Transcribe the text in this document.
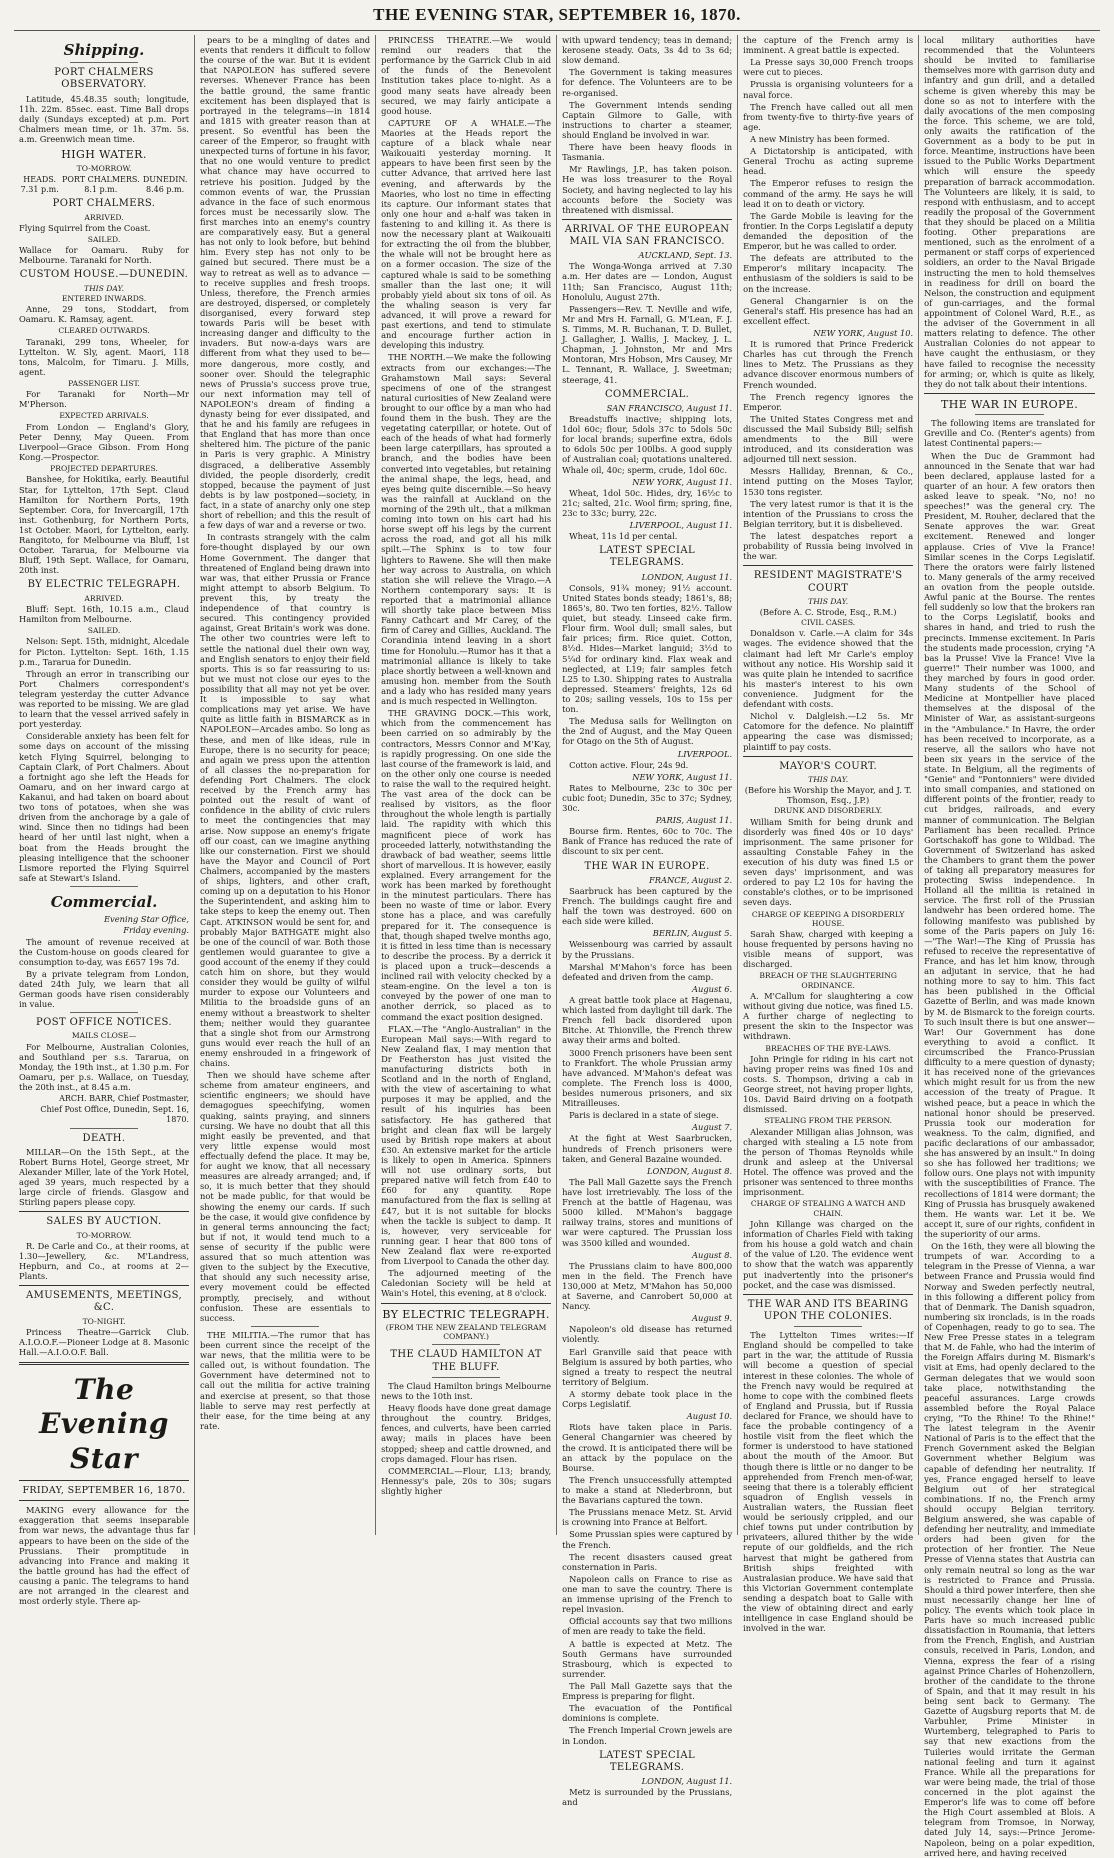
THE EVENING STAR, SEPTEMBER 16, 1870.
Shipping.
PORT CHALMERS OBSERVATORY.

Latitude, 45.48.35 south; longitude, 11h. 22m. 85sec. east. Time Ball drops daily (Sundays excepted) at p.m. Port Chalmers mean time, or 1h. 37m. 5s. a.m. Greenwich mean time.

HIGH WATER.
TO-MORROW.
HEADS.
7.31 p.m.
PORT CHALMERS.
8.1 p.m.
DUNEDIN.
8.46 p.m.
PORT CHALMERS.
ARRIVED.

Flying Squirrel from the Coast.

SAILED.

Wallace for Oamaru. Ruby for Melbourne. Taranaki for North.

CUSTOM HOUSE.—DUNEDIN.
THIS DAY.
ENTERED INWARDS.

Anne, 29 tons, Stoddart, from Oamaru. K. Ramsay, agent.

CLEARED OUTWARDS.

Taranaki, 299 tons, Wheeler, for Lyttelton. W. Sly, agent. Maori, 118 tons, Malcolm, for Timaru. J. Mills, agent.

PASSENGER LIST.

For Taranaki for North—Mr M'Pherson.

EXPECTED ARRIVALS.

From London — England's Glory, Peter Denny, May Queen. From Liverpool—Grace Gibson. From Hong Kong.—Prospector.

PROJECTED DEPARTURES.

Banshee, for Hokitika, early. Beautiful Star, for Lyttelton, 17th Sept. Claud Hamilton for Northern Ports, 19th September. Cora, for Invercargill, 17th inst. Gothenburg, for Northern Ports, 1st October. Maori, for Lyttelton, early. Rangitoto, for Melbourne via Bluff, 1st October. Tararua, for Melbourne via Bluff, 19th Sept. Wallace, for Oamaru, 20th inst.

BY ELECTRIC TELEGRAPH.
ARRIVED.

Bluff: Sept. 16th, 10.15 a.m., Claud Hamilton from Melbourne.

SAILED.

Nelson: Sept. 15th, midnight, Alcedale for Picton. Lyttelton: Sept. 16th, 1.15 p.m., Tararua for Dunedin.

Through an error in transcribing our Port Chalmers correspondent's telegram yesterday the cutter Advance was reported to be missing. We are glad to learn that the vessel arrived safely in port yesterday.

Considerable anxiety has been felt for some days on account of the missing ketch Flying Squirrel, belonging to Captain Clark, of Port Chalmers. About a fortnight ago she left the Heads for Oamaru, and on her inward cargo at Kakanui, and had taken on board about two tons of potatoes, when she was driven from the anchorage by a gale of wind. Since then no tidings had been heard of her until last night, when a boat from the Heads brought the pleasing intelligence that the schooner Lismore reported the Flying Squirrel safe at Stewart's Island.

Commercial.
Evening Star Office,
Friday evening.

The amount of revenue received at the Custom-house on goods cleared for consumption to-day, was £657 19s 7d.

By a private telegram from London, dated 24th July, we learn that all German goods have risen considerably in value.

POST OFFICE NOTICES.
MAILS CLOSE—

For Melbourne, Australian Colonies, and Southland per s.s. Tararua, on Monday, the 19th inst., at 1.30 p.m. For Oamaru, per p.s. Wallace, on Tuesday, the 20th inst., at 8.45 a.m.

ARCH. BARR, Chief Postmaster,
Chief Post Office, Dunedin, Sept. 16, 1870.
DEATH.

MILLAR—On the 15th Sept., at the Robert Burns Hotel, George street, Mr Alexander Miller, late of the York Hotel, aged 39 years, much respected by a large circle of friends. Glasgow and Stirling papers please copy.

SALES BY AUCTION.
TO-MORROW.

R. De Carle and Co., at their rooms, at 1.30—Jewellery, &c. M'Landress, Hepburn, and Co., at rooms at 2—Plants.

AMUSEMENTS, MEETINGS, &C.
TO-NIGHT.

Princess Theatre—Garrick Club. A.I.O.O.F.—Pioneer Lodge at 8. Masonic Hall.—A.I.O.O.F. Ball.

The Evening Star
FRIDAY, SEPTEMBER 16, 1870.

MAKING every allowance for the exaggeration that seems inseparable from war news, the advantage thus far appears to have been on the side of the Prussians. Their promptitude in advancing into France and making it the battle ground has had the effect of causing a panic. The telegrams to hand are not arranged in the clearest and most orderly style. There ap-

pears to be a mingling of dates and events that renders it difficult to follow the course of the war. But it is evident that NAPOLEON has suffered severe reverses. Whenever France has been the battle ground, the same frantic excitement has been displayed that is portrayed in the telegrams—in 1814 and 1815 with greater reason than at present. So eventful has been the career of the Emperor, so fraught with unexpected turns of fortune in his favor, that no one would venture to predict what chance may have occurred to retrieve his position. Judged by the common events of war, the Prussian advance in the face of such enormous forces must be necessarily slow. The first marches into an enemy's country are comparatively easy. But a general has not only to look before, but behind him. Every step has not only to be gained but secured. There must be a way to retreat as well as to advance — to receive supplies and fresh troops. Unless, therefore, the French armies are destroyed, dispersed, or completely disorganised, every forward step towards Paris will be beset with increasing danger and difficulty to the invaders. But now-a-days wars are different from what they used to be—more dangerous, more costly, and sooner over. Should the telegraphic news of Prussia's success prove true, our next information may tell of NAPOLEON's dream of finding a dynasty being for ever dissipated, and that he and his family are refugees in that England that has more than once sheltered him. The picture of the panic in Paris is very graphic. A Ministry disgraced, a deliberative Assembly divided, the people disorderly, credit stopped, because the payment of just debts is by law postponed—society, in fact, in a state of anarchy only one step short of rebellion; and this the result of a few days of war and a reverse or two.

In contrasts strangely with the calm fore-thought displayed by our own Home Government. The danger that threatened of England being drawn into war was, that either Prussia or France might attempt to absorb Belgium. To prevent this, by treaty the independence of that country is secured. This contingency provided against, Great Britain's work was done. The other two countries were left to settle the national duel their own way, and English senators to enjoy their field sports. This is so far reassuring to us: but we must not close our eyes to the possibility that all may not yet be over. It is impossible to say what complications may yet arise. We have quite as little faith in BISMARCK as in NAPOLEON—Arcades ambo. So long as these, and men of like ideas, rule in Europe, there is no security for peace; and again we press upon the attention of all classes the no-preparation for defending Port Chalmers. The clock received by the French army has pointed out the result of want of confidence in the ability of civic rulers to meet the contingencies that may arise. Now suppose an enemy's frigate off our coast, can we imagine anything like our consternation. First we should have the Mayor and Council of Port Chalmers, accompanied by the masters of ships, lighters, and other craft, coming up on a deputation to his Honor the Superintendent, and asking him to take steps to keep the enemy out. Then Capt. ATKINSON would be sent for, and probably Major BATHGATE might also be one of the council of war. Both those gentlemen would guarantee to give a good account of the enemy if they could catch him on shore, but they would consider they would be guilty of wilful murder to expose our Volunteers and Militia to the broadside guns of an enemy without a breastwork to shelter them; neither would they guarantee that a single shot from our Armstrong guns would ever reach the hull of an enemy enshrouded in a fringework of chains.

Then we should have scheme after scheme from amateur engineers, and scientific engineers; we should have demagogues speechifying, women quaking, saints praying, and sinners cursing. We have no doubt that all this might easily be prevented, and that very little expense would most effectually defend the place. It may be, for aught we know, that all necessary measures are already arranged; and, if so, it is much better that they should not be made public, for that would be showing the enemy our cards. If such be the case, it would give confidence by in general terms announcing the fact; but if not, it would tend much to a sense of security if the public were assured that so much attention was given to the subject by the Executive, that should any such necessity arise, every movement could be effected promptly, precisely, and without confusion. These are essentials to success.

THE MILITIA.—The rumor that has been current since the receipt of the war news, that the militia were to be called out, is without foundation. The Government have determined not to call out the militia for active training and exercise at present, so that those liable to serve may rest perfectly at their ease, for the time being at any rate.

PRINCESS THEATRE.—We would remind our readers that the performance by the Garrick Club in aid of the funds of the Benevolent Institution takes place to-night. As a good many seats have already been secured, we may fairly anticipate a good house.

CAPTURE OF A WHALE.—The Maories at the Heads report the capture of a black whale near Waikouaiti yesterday morning. It appears to have been first seen by the cutter Advance, that arrived here last evening, and afterwards by the Maories, who lost no time in effecting its capture. Our informant states that only one hour and a-half was taken in fastening to and killing it. As there is now the necessary plant at Waikouaiti for extracting the oil from the blubber, the whale will not be brought here as on a former occasion. The size of the captured whale is said to be something smaller than the last one; it will probably yield about six tons of oil. As the whaling season is very far advanced, it will prove a reward for past exertions, and tend to stimulate and encourage further action in developing this industry.

THE NORTH.—We make the following extracts from our exchanges:—The Grahamstown Mail says: Several specimens of one of the strangest natural curiosities of New Zealand were brought to our office by a man who had found them in the bush. They are the vegetating caterpillar, or hotete. Out of each of the heads of what had formerly been large caterpillars, has sprouted a branch, and the bodies have been converted into vegetables, but retaining the animal shape, the legs, head, and eyes being quite discernible.—So heavy was the rainfall at Auckland on the morning of the 29th ult., that a milkman coming into town on his cart had his horse swept off his legs by the current across the road, and got all his milk spilt.—The Sphinx is to tow four lighters to Rawene. She will then make her way across to Australia, on which station she will relieve the Virago.—A Northern contemporary says: It is reported that a matrimonial alliance will shortly take place between Miss Fanny Cathcart and Mr Carey, of the firm of Carey and Gillies, Auckland. The Corandinia intend leaving in a short time for Honolulu.—Rumor has it that a matrimonial alliance is likely to take place shortly between a well-known and amusing hon. member from the South and a lady who has resided many years and is much respected in Wellington.

THE GRAVING DOCK.—This work, which from the commencement has been carried on so admirably by the contractors, Messrs Connor and M'Kay, is rapidly progressing. On one side the last course of the framework is laid, and on the other only one course is needed to raise the wall to the required height. The vast area of the dock can be realised by visitors, as the floor throughout the whole length is partially laid. The rapidity with which this magnificent piece of work has proceeded latterly, notwithstanding the drawback of bad weather, seems little short of marvellous. It is however, easily explained. Every arrangement for the work has been marked by forethought in the minutest particulars. There has been no waste of time or labor. Every stone has a place, and was carefully prepared for it. The consequence is that, though shaped twelve months ago, it is fitted in less time than is necessary to describe the process. By a derrick it is placed upon a truck—descends a inclined rail with velocity checked by a steam-engine. On the level a ton is conveyed by the power of one man to another derrick, so placed as to command the exact position designed.

FLAX.—The "Anglo-Australian" in the European Mail says:—With regard to New Zealand flax, I may mention that Dr Featherston has just visited the manufacturing districts both in Scotland and in the north of England, with the view of ascertaining to what purposes it may be applied, and the result of his inquiries has been satisfactory. He has gathered that bright and clean flax will be largely used by British rope makers at about £30. An extensive market for the article is likely to open in America. Spinners will not use ordinary sorts, but prepared native will fetch from £40 to £60 for any quantity. Rope manufactured from the flax is selling at £47, but it is not suitable for blocks when the tackle is subject to damp. It is, however, very serviceable for running gear. I hear that 800 tons of New Zealand flax were re-exported from Liverpool to Canada the other day.

The adjourned meeting of the Caledonian Society will be held at Wain's Hotel, this evening, at 8 o'clock.

BY ELECTRIC TELEGRAPH.
(FROM THE NEW ZEALAND TELEGRAM COMPANY.)
THE CLAUD HAMILTON AT THE BLUFF.

The Claud Hamilton brings Melbourne news to the 10th inst.

Heavy floods have done great damage throughout the country. Bridges, fences, and culverts, have been carried away; mails in places have been stopped; sheep and cattle drowned, and crops damaged. Flour has risen.

COMMERCIAL.—Flour, L13; brandy, Hennessy's pale, 20s to 30s; sugars slightly higher

with upward tendency; teas in demand; kerosene steady. Oats, 3s 4d to 3s 6d; slow demand.

The Government is taking measures for defence. The Volunteers are to be re-organised.

The Government intends sending Captain Gilmore to Galle, with instructions to charter a steamer, should England be involved in war.

There have been heavy floods in Tasmania.

Mr Rawlings, J.P., has taken poison. He was loss treasurer to the Royal Society, and having neglected to lay his accounts before the Society was threatened with dismissal.

ARRIVAL OF THE EUROPEAN MAIL VIA SAN FRANCISCO.
AUCKLAND, Sept. 13.

The Wonga-Wonga arrived at 7.30 a.m. Her dates are — London, August 11th; San Francisco, August 11th; Honolulu, August 27th.

Passengers—Rev. T. Neville and wife, Mr and Mrs H. Farnall, G. M'Lean, F. J. S. Timms, M. R. Buchanan, T. D. Bullet, J. Gallagher, J. Wallis, J. Mackey, J. L. Chapman, J. Johnston, Mr and Mrs Montoran, Mrs Hobson, Mrs Causey, Mr L. Tennant, R. Wallace, J. Sweetman; steerage, 41.

COMMERCIAL.
SAN FRANCISCO, August 11.

Breadstuffs inactive; shipping lots, 1dol 60c; flour, 5dols 37c to 5dols 50c for local brands; superfine extra, 6dols to 6dols 50c per 100lbs. A good supply of Australian coal; quotations unaltered. Whale oil, 40c; sperm, crude, 1dol 60c.

NEW YORK, August 11.

Wheat, 1dol 50c. Hides, dry, 16½c to 21c; salted, 21c. Wool firm; spring, fine, 23c to 33c; burry, 22c.

LIVERPOOL, August 11.

Wheat, 11s 1d per cental.

LATEST SPECIAL TELEGRAMS.
LONDON, August 11.

Consols, 91¾ money; 91½ account. United States bonds steady; 1861's, 88; 1865's, 80. Two ten forties, 82½. Tallow quiet, but steady. Linseed cake firm. Flour firm. Wool dull; small sales, but fair prices; firm. Rice quiet. Cotton, 8½d. Hides—Market languid; 3½d to 5¼d for ordinary kind. Flax weak and neglected, at L19; fair samples fetch L25 to L30. Shipping rates to Australia depressed. Steamers' freights, 12s 6d to 20s; sailing vessels, 10s to 15s per ton.

The Medusa sails for Wellington on the 2nd of August, and the May Queen for Otago on the 5th of August.

LIVERPOOL.

Cotton active. Flour, 24s 9d.

NEW YORK, August 11.

Rates to Melbourne, 23c to 30c per cubic foot; Dunedin, 35c to 37c; Sydney, 30c.

PARIS, August 11.

Bourse firm. Rentes, 60c to 70c. The Bank of France has reduced the rate of discount to six per cent.

THE WAR IN EUROPE.
FRANCE, August 2.

Saarbruck has been captured by the French. The buildings caught fire and half the town was destroyed. 600 on each side were killed.

BERLIN, August 5.

Weissenbourg was carried by assault by the Prussians.

Marshal M'Mahon's force has been defeated and driven from the camp.

August 6.

A great battle took place at Hagenau, which lasted from daylight till dark. The French fell back disordered upon Bitche. At Thionville, the French threw away their arms and bolted.

3000 French prisoners have been sent to Frankfort. The whole Prussian army have advanced. M'Mahon's defeat was complete. The French loss is 4000, besides numerous prisoners, and six Mitrailleuses.

Paris is declared in a state of siege.

August 7.

At the fight at West Saarbrucken, hundreds of French prisoners were taken, and General Bazaine wounded.

LONDON, August 8.

The Pall Mall Gazette says the French have lost irretrievably. The loss of the French at the battle of Hagenau, was 5000 killed. M'Mahon's baggage railway trains, stores and munitions of war were captured. The Prussian loss was 3500 killed and wounded.

August 8.

The Prussians claim to have 800,000 men in the field. The French have 130,000 at Metz, M'Mahon has 50,000 at Saverne, and Canrobert 50,000 at Nancy.

August 9.

Napoleon's old disease has returned violently.

Earl Granville said that peace with Belgium is assured by both parties, who signed a treaty to respect the neutral territory of Belgium.

A stormy debate took place in the Corps Legislatif.

August 10.

Riots have taken place in Paris. General Changarnier was cheered by the crowd. It is anticipated there will be an attack by the populace on the Bourse.

The French unsuccessfully attempted to make a stand at Niederbronn, but the Bavarians captured the town.

The Prussians menace Metz. St. Arvid is crowning into France at Belfort.

Some Prussian spies were captured by the French.

The recent disasters caused great consternation in Paris.

Napoleon calls on France to rise as one man to save the country. There is an immense uprising of the French to repel invasion.

Official accounts say that two millions of men are ready to take the field.

A battle is expected at Metz. The South Germans have surrounded Strasbourg, which is expected to surrender.

The Pall Mall Gazette says that the Empress is preparing for flight.

The evacuation of the Pontifical dominions is complete.

The French Imperial Crown jewels are in London.

LATEST SPECIAL TELEGRAMS.
LONDON, August 11.

Metz is surrounded by the Prussians, and

the capture of the French army is imminent. A great battle is expected.

La Presse says 30,000 French troops were cut to pieces.

Prussia is organising volunteers for a naval force.

The French have called out all men from twenty-five to thirty-five years of age.

A new Ministry has been formed.

A Dictatorship is anticipated, with General Trochu as acting supreme head.

The Emperor refuses to resign the command of the army. He says he will lead it on to death or victory.

The Garde Mobile is leaving for the frontier. In the Corps Legislatif a deputy demanded the deposition of the Emperor, but he was called to order.

The defeats are attributed to the Emperor's military incapacity. The enthusiasm of the soldiers is said to be on the increase.

General Changarnier is on the General's staff. His presence has had an excellent effect.

NEW YORK, August 10.

It is rumored that Prince Frederick Charles has cut through the French lines to Metz. The Prussians as they advance discover enormous numbers of French wounded.

The French regency ignores the Emperor.

The United States Congress met and discussed the Mail Subsidy Bill; selfish amendments to the Bill were introduced, and its consideration was adjourned till next session.

Messrs Halliday, Brennan, & Co., intend putting on the Moses Taylor, 1530 tons register.

The very latest rumor is that it is the intention of the Prussians to cross the Belgian territory, but it is disbelieved.

The latest despatches report a probability of Russia being involved in the war.

RESIDENT MAGISTRATE'S COURT
THIS DAY.
(Before A. C. Strode, Esq., R.M.)
CIVIL CASES.

Donaldson v. Carle.—A claim for 34s wages. The evidence showed that the claimant had left Mr Carle's employ without any notice. His Worship said it was quite plain he intended to sacrifice his master's interest to his own convenience. Judgment for the defendant with costs.

Nichol v. Dalgleish.—L2 5s. Mr Catomore for the defence. No plaintiff appearing the case was dismissed; plaintiff to pay costs.

MAYOR'S COURT.
THIS DAY.
(Before his Worship the Mayor, and J. T. Thomson, Esq., J.P.)
DRUNK AND DISORDERLY.

William Smith for being drunk and disorderly was fined 40s or 10 days' imprisonment. The same prisoner for assaulting Constable Fahey in the execution of his duty was fined L5 or seven days' imprisonment, and was ordered to pay L2 10s for having the constable's clothes, or to be imprisoned seven days.

CHARGE OF KEEPING A DISORDERLY HOUSE.

Sarah Shaw, charged with keeping a house frequented by persons having no visible means of support, was discharged.

BREACH OF THE SLAUGHTERING ORDINANCE.

A. M'Callum for slaughtering a cow without giving due notice, was fined L5. A further charge of neglecting to present the skin to the Inspector was withdrawn.

BREACHES OF THE BYE-LAWS.

John Pringle for riding in his cart not having proper reins was fined 10s and costs. S. Thompson, driving a cab in George street, not having proper lights, 10s. David Baird driving on a footpath dismissed.

STEALING FROM THE PERSON.

Alexander Milligan alias Johnson, was charged with stealing a L5 note from the person of Thomas Reynolds while drunk and asleep at the Universal Hotel. The offence was proved and the prisoner was sentenced to three months imprisonment.

CHARGE OF STEALING A WATCH AND CHAIN.

John Killange was charged on the information of Charles Field with taking from his house a gold watch and chain of the value of L20. The evidence went to show that the watch was apparently put inadvertently into the prisoner's pocket, and the case was dismissed.

THE WAR AND ITS BEARING UPON THE COLONIES.

The Lyttelton Times writes:—If England should be compelled to take part in the war, the attitude of Russia will become a question of special interest in these colonies. The whole of the French navy would be required at home to cope with the combined fleets of England and Prussia, but if Russia declared for France, we should have to face the probable contingency of a hostile visit from the fleet which the former is understood to have stationed about the mouth of the Amoor. But though there is little or no danger to be apprehended from French men-of-war, seeing that there is a tolerably efficient squadron of English vessels in Australian waters, the Russian fleet would be seriously crippled, and our chief towns put under contribution by privateers, allured thither by the wide repute of our goldfields, and the rich harvest that might be gathered from British ships freighted with Australasian produce. We have said that this Victorian Government contemplate sending a despatch boat to Galle with the view of obtaining direct and early intelligence in case England should be involved in the war.

local military authorities have recommended that the Volunteers should be invited to familiarise themselves more with garrison duty and infantry and gun drill, and a detailed scheme is given whereby this may be done so as not to interfere with the daily avocations of the men composing the force. This scheme, we are told, only awaits the ratification of the Government as a body to be put in force. Meantime, instructions have been issued to the Public Works Department which will ensure the speedy preparation of barrack accommodation. The Volunteers are likely, it is said, to respond with enthusiasm, and to accept readily the proposal of the Government that they should be placed on a Militia footing. Other preparations are mentioned, such as the enrolment of a permanent or staff corps of experienced soldiers, an order to the Naval Brigade instructing the men to hold themselves in readiness for drill on board the Nelson, the construction and equipment of gun-carriages, and the formal appointment of Colonel Ward, R.E., as the adviser of the Government in all matters relating to defence. The other Australian Colonies do not appear to have caught the enthusiasm, or they have failed to recognise the necessity for arming; or, which is quite as likely, they do not talk about their intentions.

THE WAR IN EUROPE.

The following items are translated for Greville and Co. (Renter's agents) from latest Continental papers:—

When the Duc de Grammont had announced in the Senate that war had been declared, applause lasted for a quarter of an hour. A few orators then asked leave to speak. "No, no! no speeches!" was the general cry. The President, M. Rouher, declared that the Senate approves the war. Great excitement. Renewed and longer applause. Cries of Vive la France! Similar scenes in the Corps Legislatif. There the orators were fairly listened to. Many generals of the army received an ovation from the people outside. Awful panic at the Bourse. The rentes fell suddenly so low that the brokers ran to the Corps Legislatif, books and shares in hand, and tried to rush the precincts. Immense excitement. In Paris the students made procession, crying "A bas la Prusse! Vive la France! Vive la guerre!" Their number was 1000, and they marched by fours in good order. Many students of the School of Medicine at Montpellier have placed themselves at the disposal of the Minister of War, as assistant-surgeons in the "Ambulance." In Havre, the order has been received to incorporate, as a reserve, all the sailors who have not been six years in the service of the state. In Belgium, all the regiments of "Genie" and "Pontonniers" were divided into small companies, and stationed on different points of the frontier, ready to cut bridges, railroads, and every manner of communication. The Belgian Parliament has been recalled. Prince Gortschakoff has gone to Wildbad. The Government of Switzerland has asked the Chambers to grant them the power of taking all preparatory measures for protecting Swiss independence. In Holland all the militia is retained in service. The first roll of the Prussian landwehr has been ordered home. The following manifesto was published by some of the Paris papers on July 16:—"The War!—The King of Prussia has refused to receive the representative of France, and has let him know, through an adjutant in service, that he had nothing more to say to him. This fact has been published in the Official Gazette of Berlin, and was made known by M. de Bismarck to the foreign courts. To such insult there is but one answer—War! Our Government has done everything to avoid a conflict. It circumscribed the Franco-Prussian difficulty to a mere question of dynasty; it has received none of the grievances which might result for us from the new accession of the treaty of Prague. It wished peace, but a peace in which the national honor should be preserved. Prussia took our moderation for weakness. To the calm, dignified, and pacific declarations of our ambassador, she has answered by an insult." In doing so she has followed her traditions; we follow ours. One plays not with impunity with the susceptibilities of France. The recollections of 1814 were dormant; the King of Prussia has brusquely awakened them. He wants war. Let it be. We accept it, sure of our rights, confident in the superiority of our arms.

On the 16th, they were all blowing the trumpets of war. According to a telegram in the Presse of Vienna, a war between France and Prussia would find Norway and Sweden perfectly neutral, in this following a different policy from that of Denmark. The Danish squadron, numbering six ironclads, is in the roads of Copenhagen, ready to go to sea. The New Free Presse states in a telegram that M. de Fahle, who had the interim of the Foreign Affairs during M. Bismark's visit at Ems, had openly declared to the German delegates that we would soon take place, notwithstanding the peaceful assurances. Large crowds assembled before the Royal Palace crying, "To the Rhine! To the Rhine!" The latest telegram in the Avenir National of Paris is to the effect that the French Government asked the Belgian Government whether Belgium was capable of defending her neutrality. If yes, France engaged herself to leave Belgium out of her strategical combinations. If no, the French army should occupy Belgian territory. Belgium answered, she was capable of defending her neutrality, and immediate orders had been given for the protection of her frontier. The Neue Presse of Vienna states that Austria can only remain neutral so long as the war is restricted to France and Prussia. Should a third power interfere, then she must necessarily change her line of policy. The events which took place in Paris have so much increased public dissatisfaction in Roumania, that letters from the French, English, and Austrian consuls, received in Paris, London, and Vienna, express the fear of a rising against Prince Charles of Hohenzollern, brother of the candidate to the throne of Spain, and that it may result in his being sent back to Germany. The Gazette of Augsburg reports that M. de Varbuhler, Prime Minister in Wurtemberg, telegraphed to Paris to say that new exactions from the Tuileries would irritate the German national feeling and turn it against France. While all the preparations for war were being made, the trial of those concerned in the plot against the Emperor's life was to come off before the High Court assembled at Blois. A telegram from Tromsoe, in Norway, dated July 14, says:—Prince Jerome-Napoleon, being on a polar expedition, arrived here, and having received
